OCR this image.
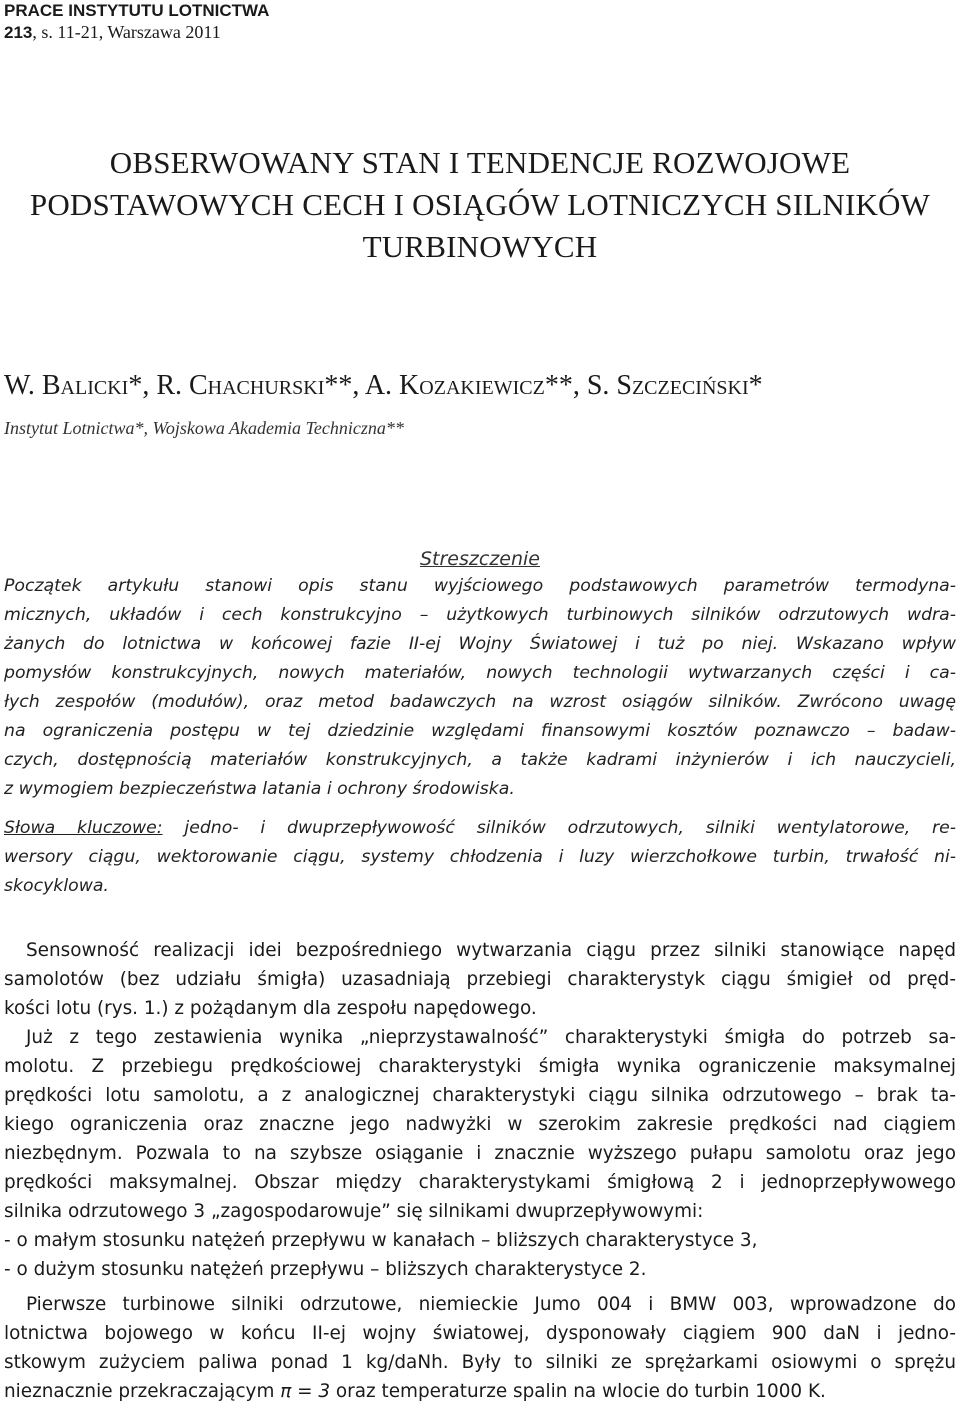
PRACE INSTYTUTU LOTNICTWA
213, s. 11-21, Warszawa 2011
OBSERWOWANY STAN I TENDENCJE ROZWOJOWE
PODSTAWOWYCH CECH I OSIĄGÓW LOTNICZYCH SILNIKÓW
TURBINOWYCH
W. Balicki*, R. Chachurski**, A. Kozakiewicz**, S. Szczeciński*
Instytut Lotnictwa*, Wojskowa Akademia Techniczna**
Streszczenie
Początek artykułu stanowi opis stanu wyjściowego podstawowych parametrów termodyna-
micznych, układów i cech konstrukcyjno – użytkowych turbinowych silników odrzutowych wdra-
żanych do lotnictwa w końcowej fazie II-ej Wojny Światowej i tuż po niej. Wskazano wpływ
pomysłów konstrukcyjnych, nowych materiałów, nowych technologii wytwarzanych części i ca-
łych zespołów (modułów), oraz metod badawczych na wzrost osiągów silników. Zwrócono uwagę
na ograniczenia postępu w tej dziedzinie względami finansowymi kosztów poznawczo – badaw-
czych, dostępnością materiałów konstrukcyjnych, a także kadrami inżynierów i ich nauczycieli,
z wymogiem bezpieczeństwa latania i ochrony środowiska.
Słowa kluczowe: jedno- i dwuprzepływowość silników odrzutowych, silniki wentylatorowe, re-
wersory ciągu, wektorowanie ciągu, systemy chłodzenia i luzy wierzchołkowe turbin, trwałość ni-
skocyklowa.
Sensowność realizacji idei bezpośredniego wytwarzania ciągu przez silniki stanowiące napęd
samolotów (bez udziału śmigła) uzasadniają przebiegi charakterystyk ciągu śmigieł od pręd-
kości lotu (rys. 1.) z pożądanym dla zespołu napędowego.
Już z tego zestawienia wynika „nieprzystawalność” charakterystyki śmigła do potrzeb sa-
molotu. Z przebiegu prędkościowej charakterystyki śmigła wynika ograniczenie maksymalnej
prędkości lotu samolotu, a z analogicznej charakterystyki ciągu silnika odrzutowego – brak ta-
kiego ograniczenia oraz znaczne jego nadwyżki w szerokim zakresie prędkości nad ciągiem
niezbędnym. Pozwala to na szybsze osiąganie i znacznie wyższego pułapu samolotu oraz jego
prędkości maksymalnej. Obszar między charakterystykami śmigłową 2 i jednoprzepływowego
silnika odrzutowego 3 „zagospodarowuje” się silnikami dwuprzepływowymi:
- o małym stosunku natężeń przepływu w kanałach – bliższych charakterystyce 3,
- o dużym stosunku natężeń przepływu – bliższych charakterystyce 2.
Pierwsze turbinowe silniki odrzutowe, niemieckie Jumo 004 i BMW 003, wprowadzone do
lotnictwa bojowego w końcu II-ej wojny światowej, dysponowały ciągiem 900 daN i jedno-
stkowym zużyciem paliwa ponad 1 kg/daNh. Były to silniki ze sprężarkami osiowymi o sprężu
nieznacznie przekraczającym π = 3 oraz temperaturze spalin na wlocie do turbin 1000 K.
